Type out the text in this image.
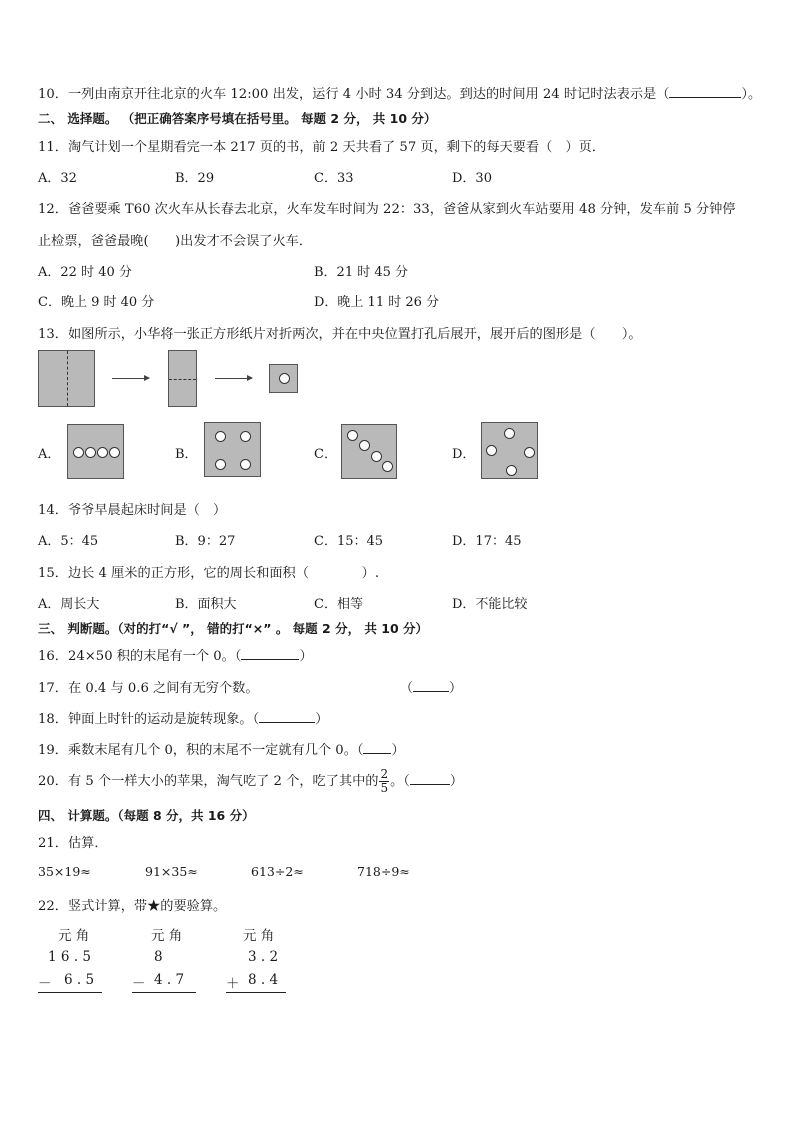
10．一列由南京开往北京的火车 12:00 出发，运行 4 小时 34 分到达。到达的时间用 24 时记时法表示是（	）。
二、 选择题。 （把正确答案序号填在括号里。 每题 2 分， 共 10 分）
11．淘气计划一个星期看完一本 217 页的书，前 2 天共看了 57 页，剩下的每天要看（　）页．
A．32	B．29	C．33	D．30
12．爸爸要乘 T60 次火车从长春去北京，火车发车时间为 22：33，爸爸从家到火车站要用 48 分钟，发车前 5 分钟停
止检票，爸爸最晚(　　)出发才不会误了火车．
A．22 时 40 分	B．21 时 45 分
C．晚上 9 时 40 分	D．晚上 11 时 26 分
13．如图所示，小华将一张正方形纸片对折两次，并在中央位置打孔后展开，展开后的图形是（　　）。
A．	B．	C．	D．
14．爷爷早晨起床时间是（　）
A．5：45	B．9：27	C．15：45	D．17：45
15．边长 4 厘米的正方形，它的周长和面积（　　　　）.
A．周长大	B．面积大	C．相等	D．不能比较
三、 判断题。（对的打“√ ”， 错的打“×” 。 每题 2 分， 共 10 分）
16．24×50 积的末尾有一个 0。（	）
17．在 0.4 与 0.6 之间有无穷个数。	（	）
18．钟面上时针的运动是旋转现象。（	）
19．乘数末尾有几个 0，积的末尾不一定就有几个 0。（ ）
20．有 5 个一样大小的苹果，淘气吃了 2 个，吃了其中的 $\frac{2}{5}$ 。（	）
四、 计算题。（每题 8 分，共 16 分）
21．估算．
35×19≈	91×35≈	613÷2≈	718÷9≈
22．竖式计算，带★的要验算。
元 角
1 6 . 5
－ 6 . 5
元 角
8
－ 4 . 7
元 角
3 . 2
＋ 8 . 4
